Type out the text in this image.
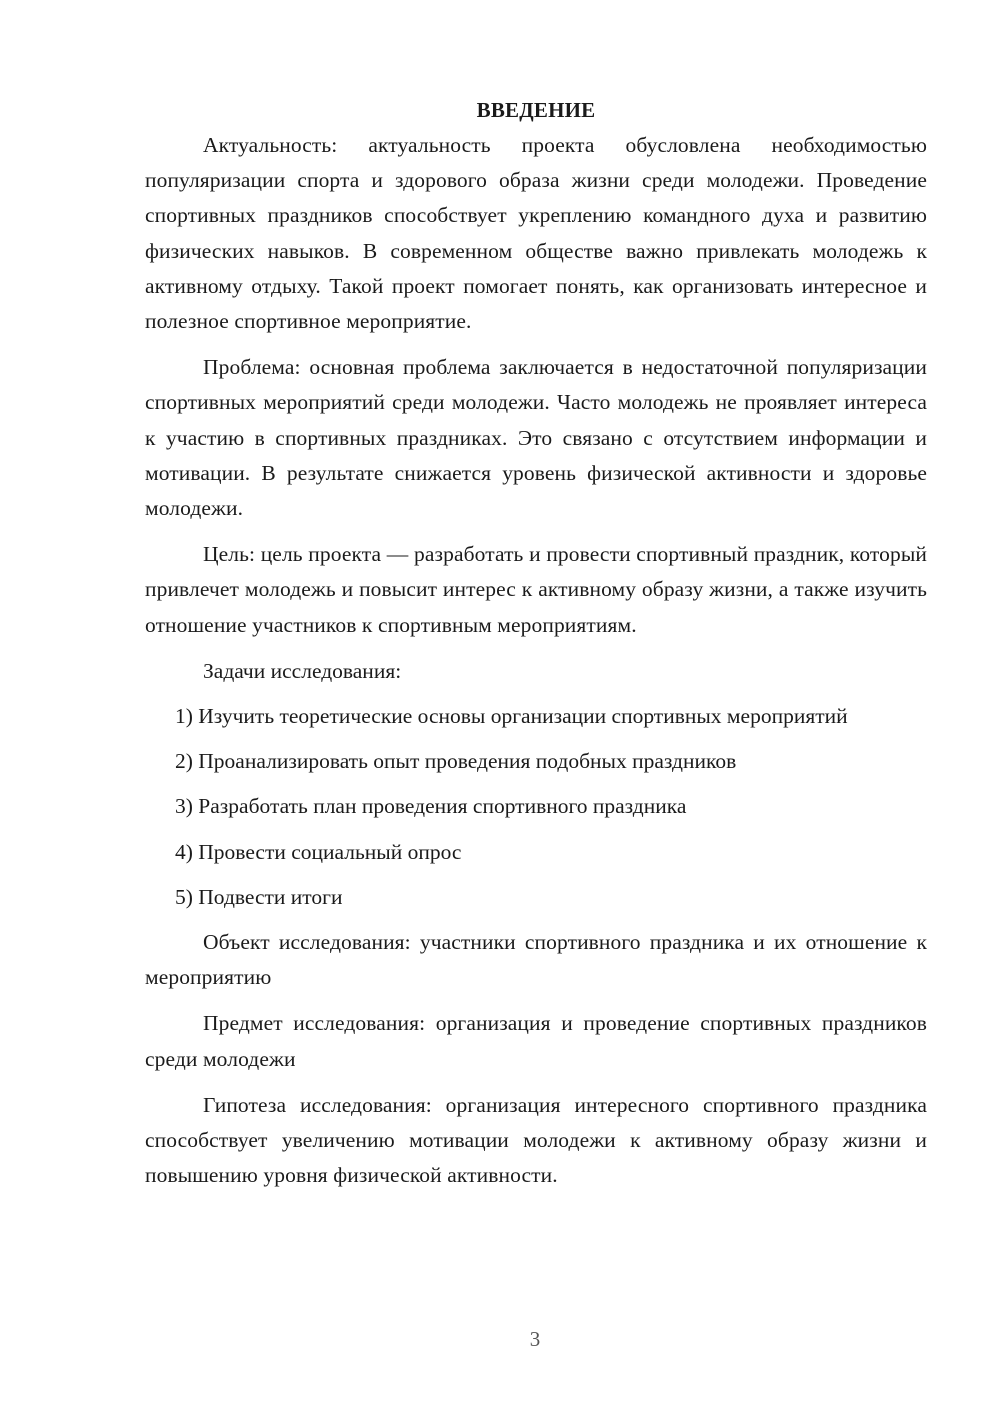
ВВЕДЕНИЕ

Актуальность: актуальность проекта обусловлена необходимостью популяризации спорта и здорового образа жизни среди молодежи. Проведение спортивных праздников способствует укреплению командного духа и развитию физических навыков. В современном обществе важно привлекать молодежь к активному отдыху. Такой проект помогает понять, как организовать интересное и полезное спортивное мероприятие.

Проблема: основная проблема заключается в недостаточной популяризации спортивных мероприятий среди молодежи. Часто молодежь не проявляет интереса к участию в спортивных праздниках. Это связано с отсутствием информации и мотивации. В результате снижается уровень физической активности и здоровье молодежи.

Цель: цель проекта — разработать и провести спортивный праздник, который привлечет молодежь и повысит интерес к активному образу жизни, а также изучить отношение участников к спортивным мероприятиям.

Задачи исследования:

1) Изучить теоретические основы организации спортивных мероприятий

2) Проанализировать опыт проведения подобных праздников

3) Разработать план проведения спортивного праздника

4) Провести социальный опрос

5) Подвести итоги

Объект исследования: участники спортивного праздника и их отношение к мероприятию

Предмет исследования: организация и проведение спортивных праздников среди молодежи

Гипотеза исследования: организация интересного спортивного праздника способствует увеличению мотивации молодежи к активному образу жизни и повышению уровня физической активности.

3
